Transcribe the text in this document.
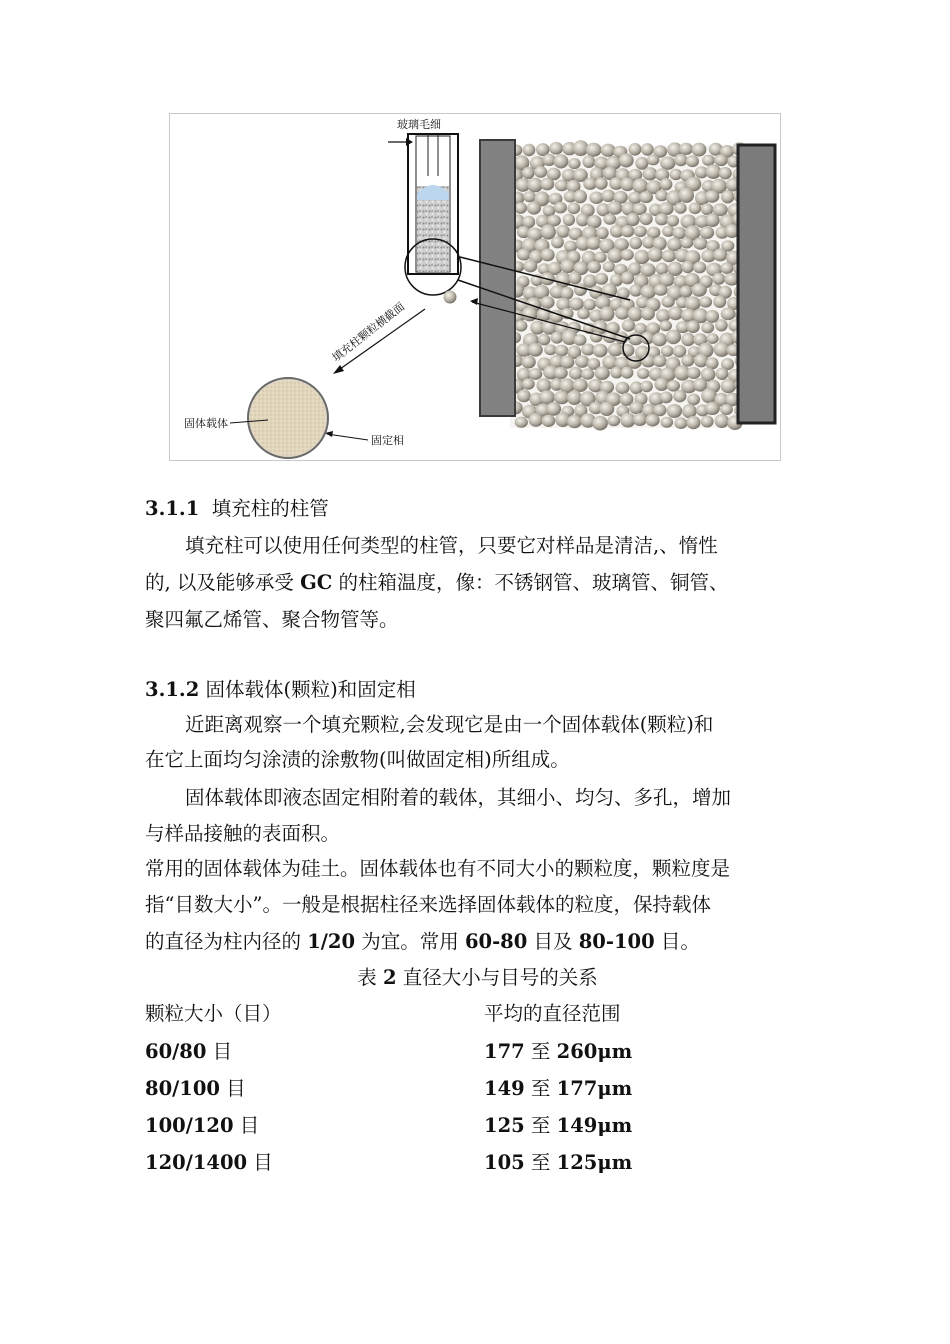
玻璃毛细
填充柱颗粒横截面
固体载体
固定相
3.1.1 填充柱的柱管
填充柱可以使用任何类型的柱管，只要它对样品是清洁,、惰性
的, 以及能够承受 GC 的柱箱温度，像：不锈钢管、玻璃管、铜管、
聚四氟乙烯管、聚合物管等。
3.1.2 固体载体(颗粒)和固定相
近距离观察一个填充颗粒,会发现它是由一个固体载体(颗粒)和
在它上面均匀涂渍的涂敷物(叫做固定相)所组成。
固体载体即液态固定相附着的载体，其细小、均匀、多孔，增加
与样品接触的表面积。
常用的固体载体为硅土。固体载体也有不同大小的颗粒度，颗粒度是
指“目数大小”。一般是根据柱径来选择固体载体的粒度，保持载体
的直径为柱内径的 1/20 为宜。常用 60-80 目及 80-100 目。
表 2 直径大小与目号的关系
颗粒大小（目）	平均的直径范围
60/80 目	177 至 260μm
80/100 目	149 至 177μm
100/120 目	125 至 149μm
120/1400 目	105 至 125μm
